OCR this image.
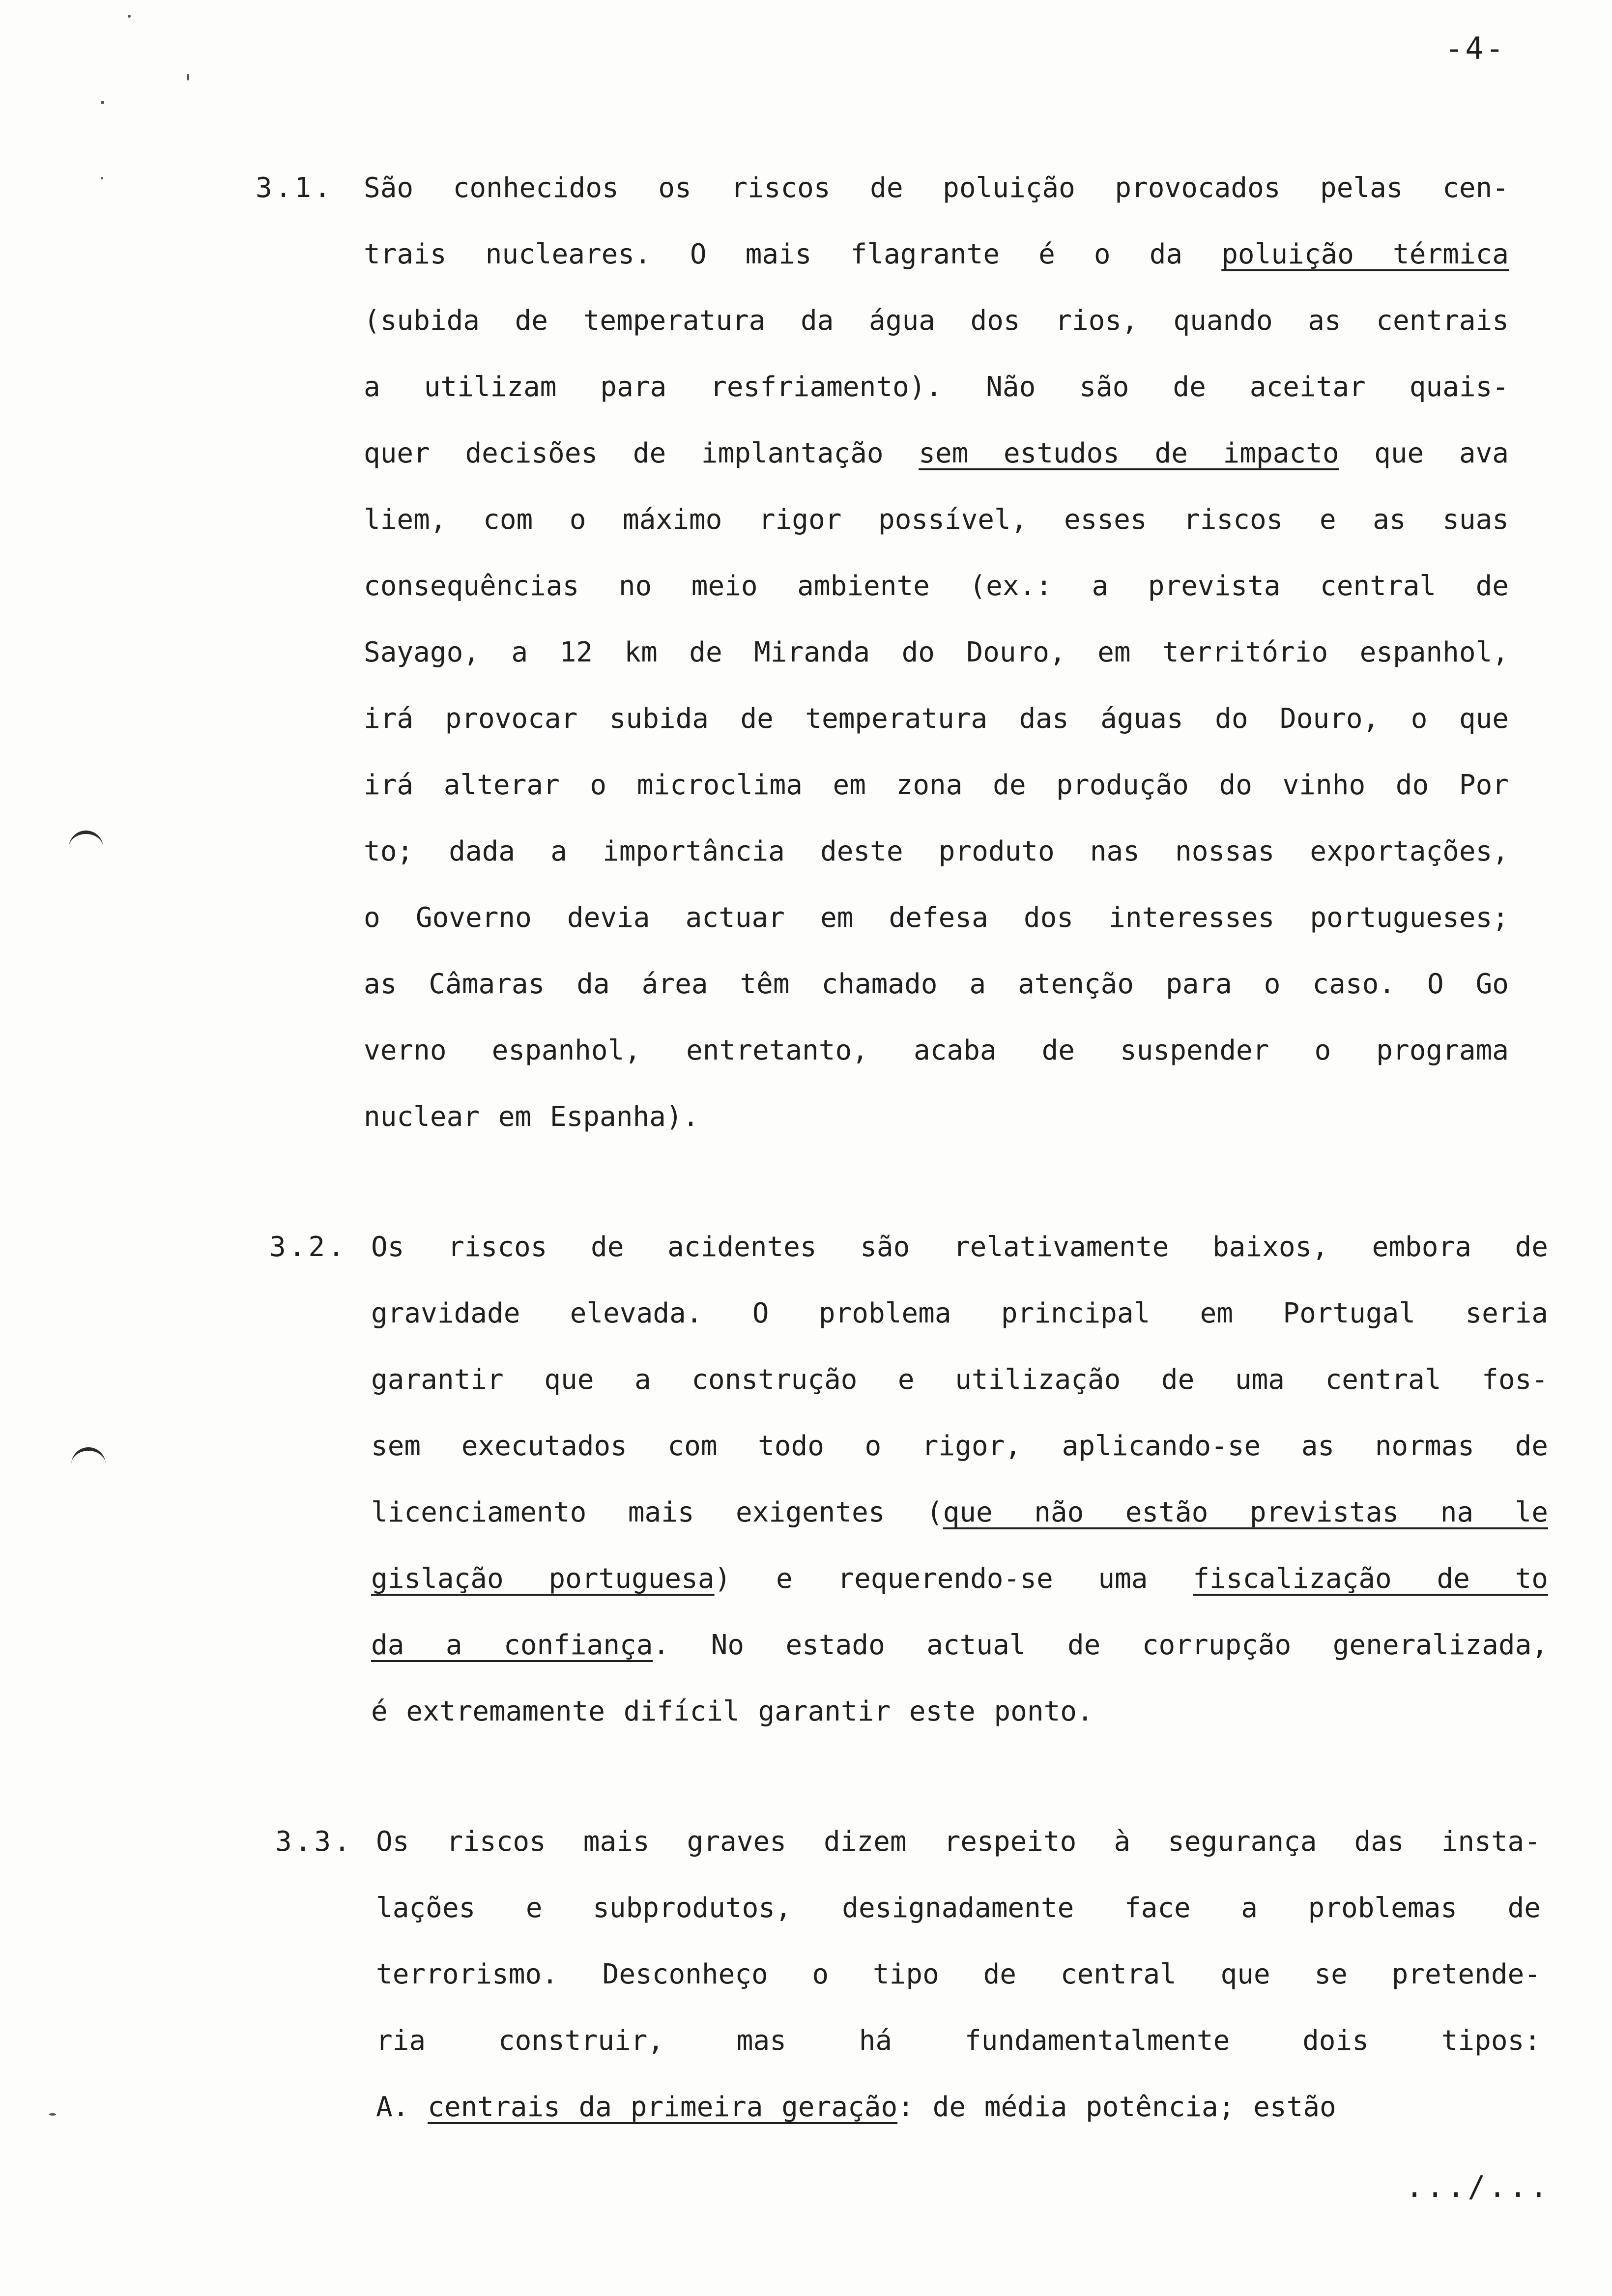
-4-
3.1. São conhecidos os riscos de poluição provocados pelas cen-
trais nucleares. O mais flagrante é o da poluição térmica
(subida de temperatura da água dos rios, quando as centrais
a utilizam para resfriamento). Não são de aceitar quais-
quer decisões de implantação sem estudos de impacto que ava
liem, com o máximo rigor possível, esses riscos e as suas
consequências no meio ambiente (ex.: a prevista central de
Sayago, a 12 km de Miranda do Douro, em território espanhol,
irá provocar subida de temperatura das águas do Douro, o que
irá alterar o microclima em zona de produção do vinho do Por
to; dada a importância deste produto nas nossas exportações,
o Governo devia actuar em defesa dos interesses portugueses;
as Câmaras da área têm chamado a atenção para o caso. O Go
verno espanhol, entretanto, acaba de suspender o programa
nuclear em Espanha).
3.2. Os riscos de acidentes são relativamente baixos, embora de
gravidade elevada. O problema principal em Portugal seria
garantir que a construção e utilização de uma central fos-
sem executados com todo o rigor, aplicando-se as normas de
licenciamento mais exigentes (que não estão previstas na le
gislação portuguesa) e requerendo-se uma fiscalização de to
da a confiança. No estado actual de corrupção generalizada,
é extremamente difícil garantir este ponto.
3.3. Os riscos mais graves dizem respeito à segurança das insta-
lações e subprodutos, designadamente face a problemas de
terrorismo. Desconheço o tipo de central que se pretende-
ria construir, mas há fundamentalmente dois tipos:
A. centrais da primeira geração: de média potência; estão
.../...
